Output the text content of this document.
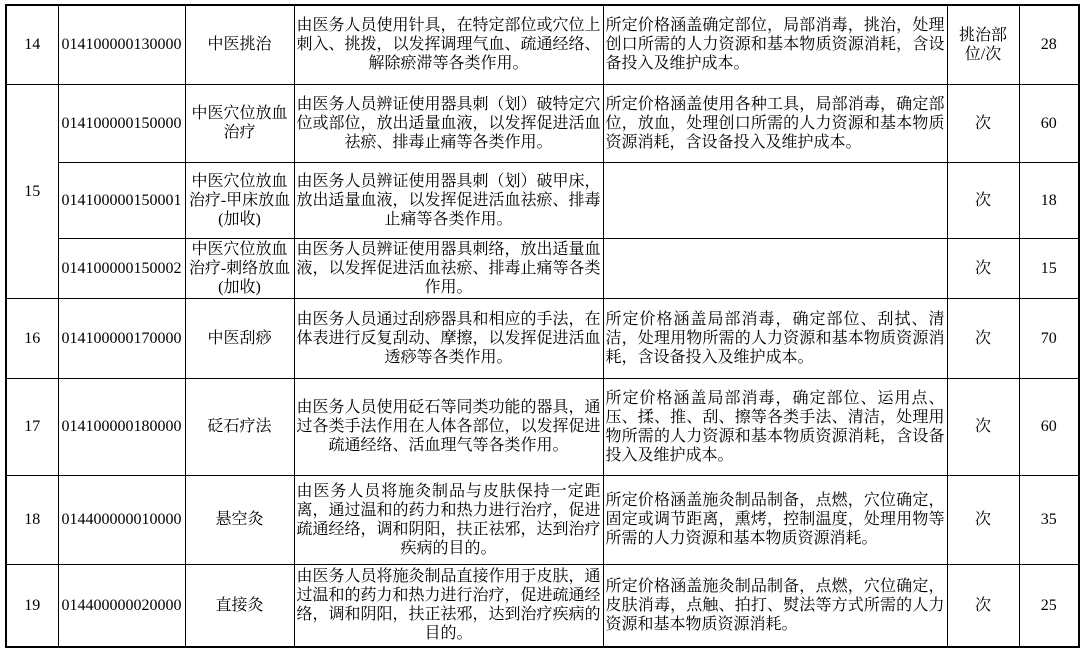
14	014100000130000	中医挑治	由医务人员使用针具，在特定部位或穴位上刺入、挑拨，以发挥调理气血、疏通经络、解除瘀滞等各类作用。	所定价格涵盖确定部位，局部消毒，挑治，处理创口所需的人力资源和基本物质资源消耗，含设备投入及维护成本。	挑治部位/次	28
15	014100000150000	中医穴位放血治疗	由医务人员辨证使用器具刺（划）破特定穴位或部位，放出适量血液，以发挥促进活血祛瘀、排毒止痛等各类作用。	所定价格涵盖使用各种工具，局部消毒，确定部位，放血，处理创口所需的人力资源和基本物质资源消耗，含设备投入及维护成本。	次	60
	014100000150001	中医穴位放血治疗-甲床放血(加收)	由医务人员辨证使用器具刺（划）破甲床，放出适量血液，以发挥促进活血祛瘀、排毒止痛等各类作用。		次	18
	014100000150002	中医穴位放血治疗-刺络放血(加收)	由医务人员辨证使用器具刺络，放出适量血液，以发挥促进活血祛瘀、排毒止痛等各类作用。		次	15
16	014100000170000	中医刮痧	由医务人员通过刮痧器具和相应的手法，在体表进行反复刮动、摩擦，以发挥促进活血透痧等各类作用。	所定价格涵盖局部消毒，确定部位、刮拭、清洁，处理用物所需的人力资源和基本物质资源消耗，含设备投入及维护成本。	次	70
17	014100000180000	砭石疗法	由医务人员使用砭石等同类功能的器具，通过各类手法作用在人体各部位，以发挥促进疏通经络、活血理气等各类作用。	所定价格涵盖局部消毒，确定部位、运用点、压、揉、推、刮、擦等各类手法、清洁，处理用物所需的人力资源和基本物质资源消耗，含设备投入及维护成本。	次	60
18	014400000010000	悬空灸	由医务人员将施灸制品与皮肤保持一定距离，通过温和的药力和热力进行治疗，促进疏通经络，调和阴阳，扶正祛邪，达到治疗疾病的目的。	所定价格涵盖施灸制品制备，点燃，穴位确定，固定或调节距离，熏烤，控制温度，处理用物等所需的人力资源和基本物质资源消耗。	次	35
19	014400000020000	直接灸	由医务人员将施灸制品直接作用于皮肤，通过温和的药力和热力进行治疗，促进疏通经络，调和阴阳，扶正祛邪，达到治疗疾病的目的。	所定价格涵盖施灸制品制备，点燃，穴位确定，皮肤消毒，点触、拍打、熨法等方式所需的人力资源和基本物质资源消耗。	次	25
